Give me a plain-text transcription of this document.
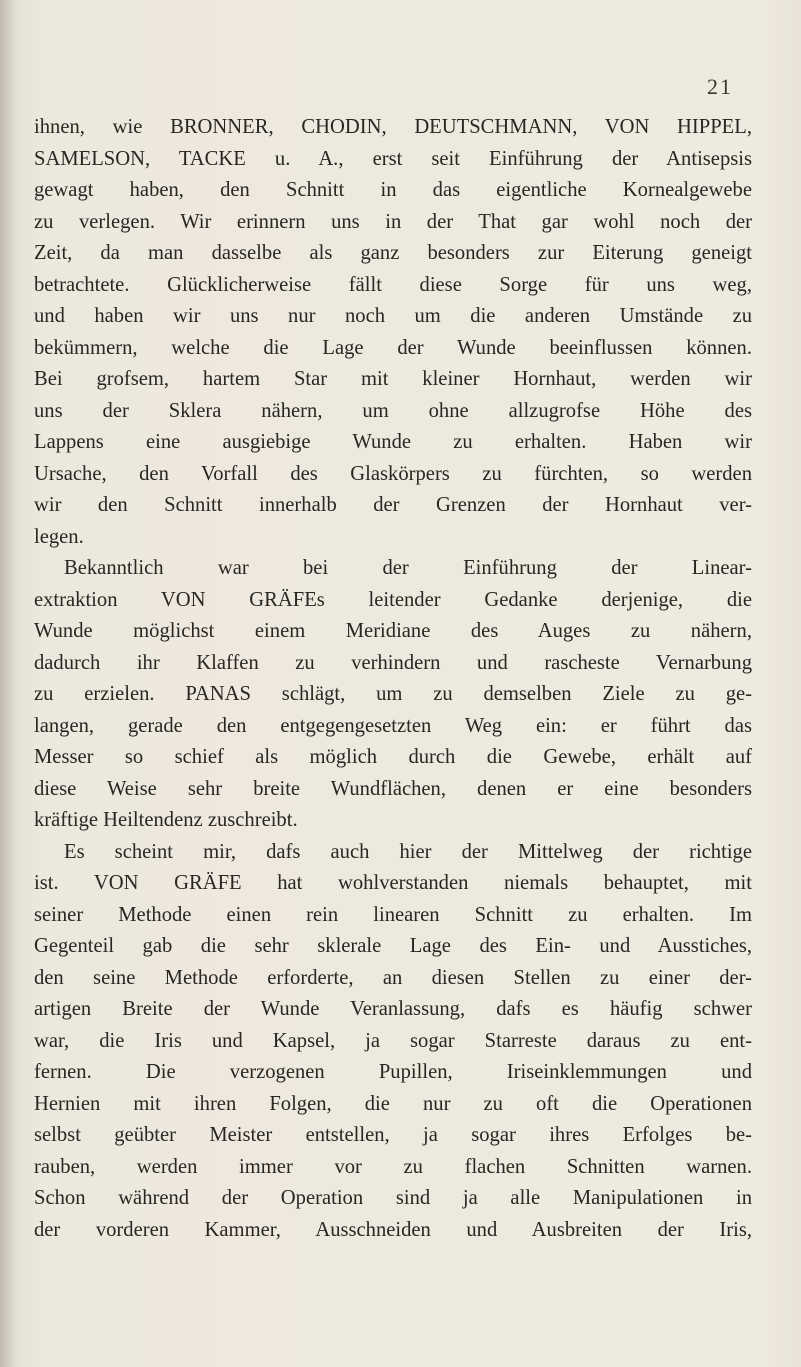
21
ihnen, wie BRONNER, CHODIN, DEUTSCHMANN, VON HIPPEL,
SAMELSON, TACKE u. A., erst seit Einführung der Antisepsis
gewagt haben, den Schnitt in das eigentliche Kornealgewebe
zu verlegen. Wir erinnern uns in der That gar wohl noch der
Zeit, da man dasselbe als ganz besonders zur Eiterung geneigt
betrachtete. Glücklicherweise fällt diese Sorge für uns weg,
und haben wir uns nur noch um die anderen Umstände zu
bekümmern, welche die Lage der Wunde beeinflussen können.
Bei grofsem, hartem Star mit kleiner Hornhaut, werden wir
uns der Sklera nähern, um ohne allzugrofse Höhe des
Lappens eine ausgiebige Wunde zu erhalten. Haben wir
Ursache, den Vorfall des Glaskörpers zu fürchten, so werden
wir den Schnitt innerhalb der Grenzen der Hornhaut ver-
legen.
Bekanntlich war bei der Einführung der Linear-
extraktion VON GRÄFEs leitender Gedanke derjenige, die
Wunde möglichst einem Meridiane des Auges zu nähern,
dadurch ihr Klaffen zu verhindern und rascheste Vernarbung
zu erzielen. PANAS schlägt, um zu demselben Ziele zu ge-
langen, gerade den entgegengesetzten Weg ein: er führt das
Messer so schief als möglich durch die Gewebe, erhält auf
diese Weise sehr breite Wundflächen, denen er eine besonders
kräftige Heiltendenz zuschreibt.
Es scheint mir, dafs auch hier der Mittelweg der richtige
ist. VON GRÄFE hat wohlverstanden niemals behauptet, mit
seiner Methode einen rein linearen Schnitt zu erhalten. Im
Gegenteil gab die sehr sklerale Lage des Ein- und Ausstiches,
den seine Methode erforderte, an diesen Stellen zu einer der-
artigen Breite der Wunde Veranlassung, dafs es häufig schwer
war, die Iris und Kapsel, ja sogar Starreste daraus zu ent-
fernen. Die verzogenen Pupillen, Iriseinklemmungen und
Hernien mit ihren Folgen, die nur zu oft die Operationen
selbst geübter Meister entstellen, ja sogar ihres Erfolges be-
rauben, werden immer vor zu flachen Schnitten warnen.
Schon während der Operation sind ja alle Manipulationen in
der vorderen Kammer, Ausschneiden und Ausbreiten der Iris,
